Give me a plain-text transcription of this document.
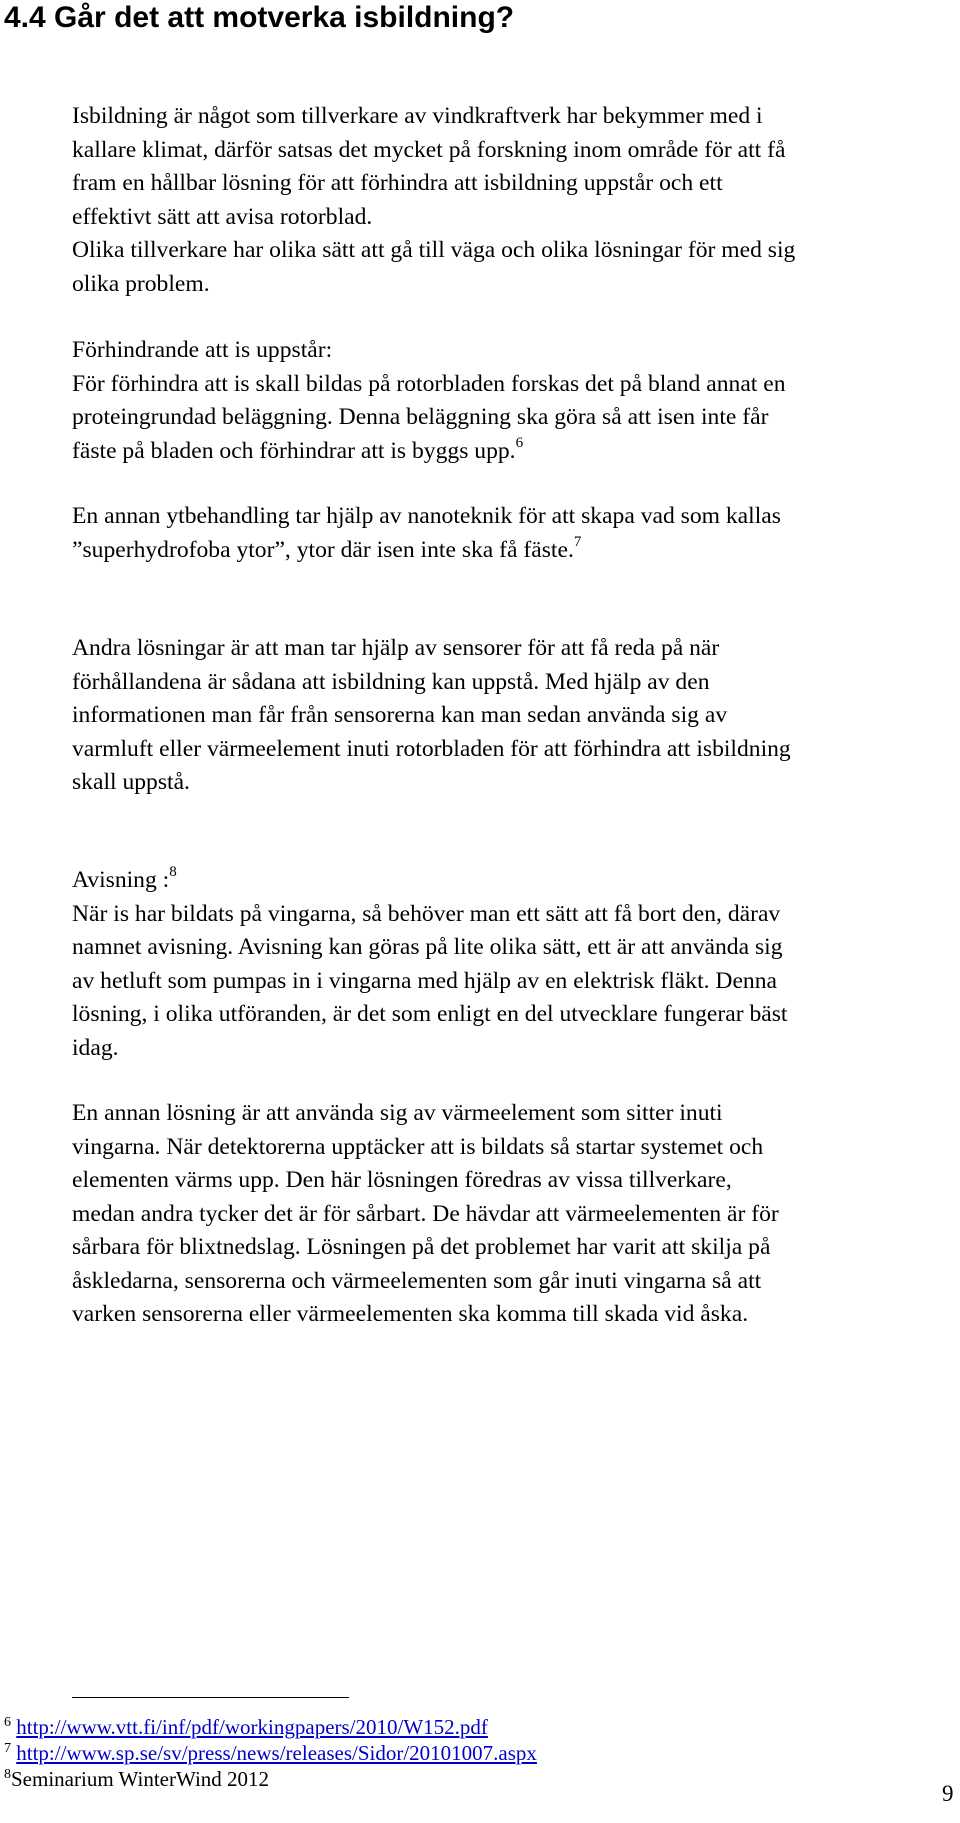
4.4 Går det att motverka isbildning?

Isbildning är något som tillverkare av vindkraftverk har bekymmer med i
kallare klimat, därför satsas det mycket på forskning inom område för att få
fram en hållbar lösning för att förhindra att isbildning uppstår och ett
effektivt sätt att avisa rotorblad.

Olika tillverkare har olika sätt att gå till väga och olika lösningar för med sig
olika problem.

Förhindrande att is uppstår:
För förhindra att is skall bildas på rotorbladen forskas det på bland annat en
proteingrundad beläggning. Denna beläggning ska göra så att isen inte får
fäste på bladen och förhindrar att is byggs upp.$^6$

En annan ytbehandling tar hjälp av nanoteknik för att skapa vad som kallas
”superhydrofoba ytor”, ytor där isen inte ska få fäste.$^7$

Andra lösningar är att man tar hjälp av sensorer för att få reda på när
förhållandena är sådana att isbildning kan uppstå. Med hjälp av den
informationen man får från sensorerna kan man sedan använda sig av
varmluft eller värmeelement inuti rotorbladen för att förhindra att isbildning
skall uppstå.

Avisning :$^8$
När is har bildats på vingarna, så behöver man ett sätt att få bort den, därav
namnet avisning. Avisning kan göras på lite olika sätt, ett är att använda sig
av hetluft som pumpas in i vingarna med hjälp av en elektrisk fläkt. Denna
lösning, i olika utföranden, är det som enligt en del utvecklare fungerar bäst
idag.

En annan lösning är att använda sig av värmeelement som sitter inuti
vingarna. När detektorerna upptäcker att is bildats så startar systemet och
elementen värms upp. Den här lösningen föredras av vissa tillverkare,
medan andra tycker det är för sårbart. De hävdar att värmeelementen är för
sårbara för blixtnedslag. Lösningen på det problemet har varit att skilja på
åskledarna, sensorerna och värmeelementen som går inuti vingarna så att
varken sensorerna eller värmeelementen ska komma till skada vid åska.

$^6$ http://www.vtt.fi/inf/pdf/workingpapers/2010/W152.pdf
$^7$ http://www.sp.se/sv/press/news/releases/Sidor/20101007.aspx
$^8$Seminarium WinterWind 2012
9
